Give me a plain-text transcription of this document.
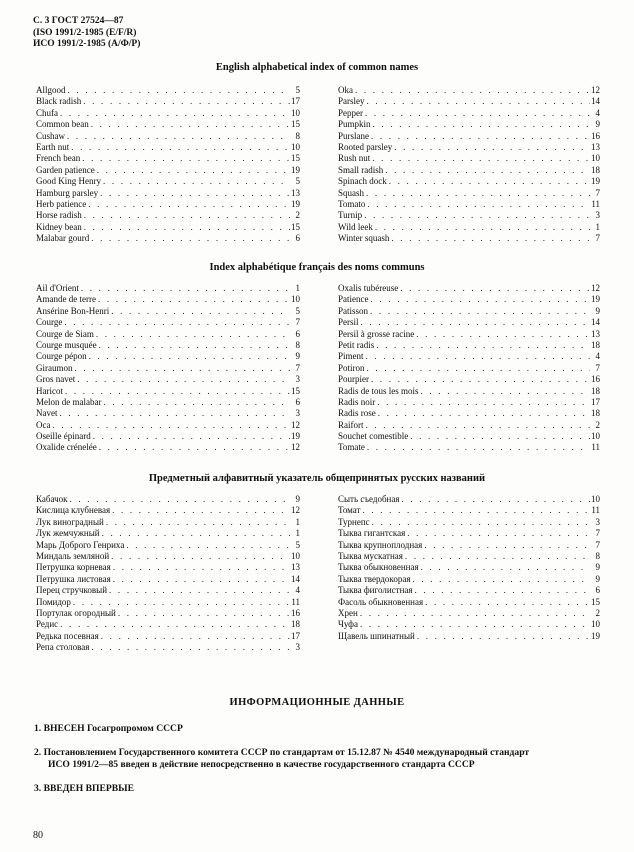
С. 3 ГОСТ 27524—87
(ISO 1991/2-1985 (E/F/R)
ИСО 1991/2-1985 (А/Ф/Р)
English alphabetical index of common names
Allgood . . .	5
Black radish . . .	17
Chufa . . .	10
Common bean . . .	15
Cushaw . . .	8
Earth nut . . .	10
French bean . . .	15
Garden patience . . .	19
Good King Henry . . .	5
Hamburg parsley . . .	13
Herb patience . . .	19
Horse radish . . .	2
Kidney bean . . .	15
Malabar gourd . . .	6
Oka . . .	12
Parsley . . .	14
Pepper . . .	4
Pumpkin . . .	9
Purslane . . .	16
Rooted parsley . . .	13
Rush nut . . .	10
Small radish . . .	18
Spinach dock . . .	19
Squash . . .	7
Tomato . . .	11
Turnip . . .	3
Wild leek . . .	1
Winter squash . . .	7
Index alphabétique français des noms communs
Ail d'Orient . . .	1
Amande de terre . . .	10
Ansérine Bon-Henri . . .	5
Courge . . .	7
Courge de Siam . . .	6
Courge musquée . . .	8
Courge pépon . . .	9
Giraumon . . .	7
Gros navet . . .	3
Haricot . . .	15
Melon de malabar . . .	6
Navet . . .	3
Oca . . .	12
Oseille épinard . . .	19
Oxalide crénelée . . .	12
Oxalis tubéreuse . . .	12
Patience . . .	19
Patisson . . .	9
Persil . . .	14
Persil à grosse racine . . .	13
Petit radis . . .	18
Piment . . .	4
Potiron . . .	7
Pourpier . . .	16
Radis de tous les mois . . .	18
Radis noir . . .	17
Radis rose . . .	18
Raifort . . .	2
Souchet comestible . . .	10
Tomate . . .	11
Предметный алфавитный указатель общепринятых русских названий
Кабачок . . .	9
Кислица клубневая . . .	12
Лук виноградный . . .	1
Лук жемчужный . . .	1
Марь Доброго Генриха . . .	5
Миндаль земляной . . .	10
Петрушка корневая . . .	13
Петрушка листовая . . .	14
Перец стручковый . . .	4
Помидор . . .	11
Портулак огородный . . .	16
Редис . . .	18
Редька посевная . . .	17
Репа столовая . . .	3
Сыть съедобная . . .	10
Томат . . .	11
Турнепс . . .	3
Тыква гигантская . . .	7
Тыква крупноплодная . . .	7
Тыква мускатная . . .	8
Тыква обыкновенная . . .	9
Тыква твердокорая . . .	9
Тыква фиголистная . . .	6
Фасоль обыкновенная . . .	15
Хрен . . .	2
Чуфа . . .	10
Щавель шпинатный . . .	19
ИНФОРМАЦИОННЫЕ ДАННЫЕ
1. ВНЕСЕН Госагропромом СССР
2. Постановлением Государственного комитета СССР по стандартам от 15.12.87 № 4540 международный стандарт
ИСО 1991/2—85 введен в действие непосредственно в качестве государственного стандарта СССР
3. ВВЕДЕН ВПЕРВЫЕ
80
